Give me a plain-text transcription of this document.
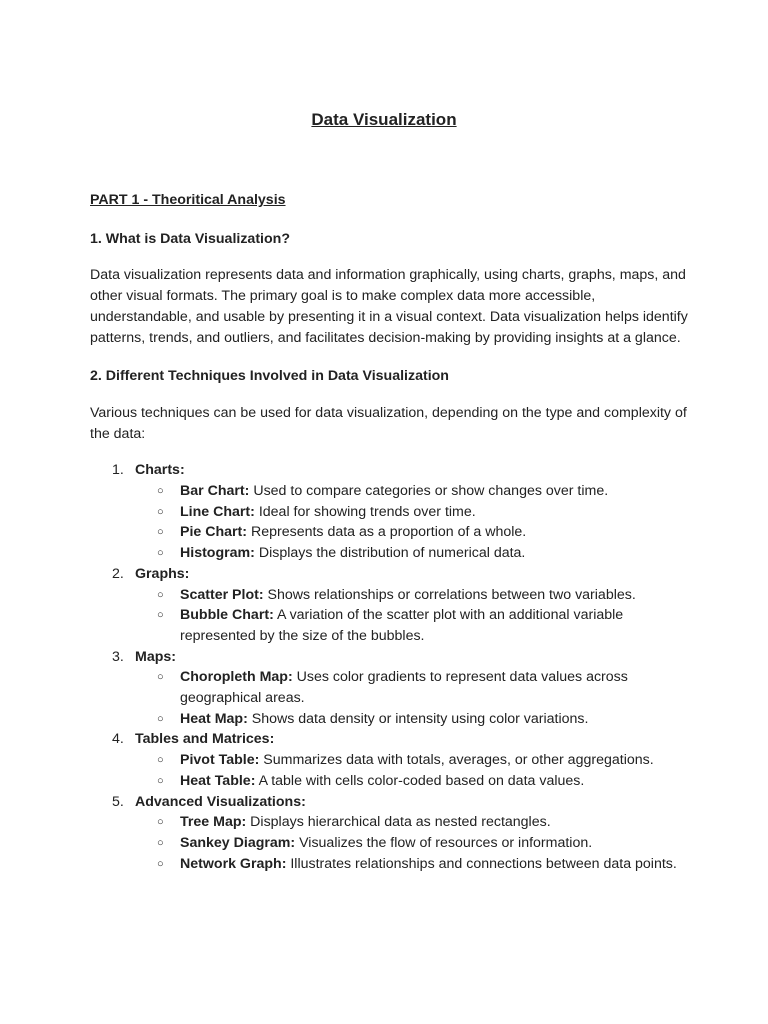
Data Visualization

PART 1 - Theoritical Analysis

1. What is Data Visualization?

Data visualization represents data and information graphically, using charts, graphs, maps, and other visual formats. The primary goal is to make complex data more accessible, understandable, and usable by presenting it in a visual context. Data visualization helps identify patterns, trends, and outliers, and facilitates decision-making by providing insights at a glance.

2. Different Techniques Involved in Data Visualization

Various techniques can be used for data visualization, depending on the type and complexity of the data:

1. Charts:
○ Bar Chart: Used to compare categories or show changes over time.
○ Line Chart: Ideal for showing trends over time.
○ Pie Chart: Represents data as a proportion of a whole.
○ Histogram: Displays the distribution of numerical data.
2. Graphs:
○ Scatter Plot: Shows relationships or correlations between two variables.
○ Bubble Chart: A variation of the scatter plot with an additional variable represented by the size of the bubbles.
3. Maps:
○ Choropleth Map: Uses color gradients to represent data values across geographical areas.
○ Heat Map: Shows data density or intensity using color variations.
4. Tables and Matrices:
○ Pivot Table: Summarizes data with totals, averages, or other aggregations.
○ Heat Table: A table with cells color-coded based on data values.
5. Advanced Visualizations:
○ Tree Map: Displays hierarchical data as nested rectangles.
○ Sankey Diagram: Visualizes the flow of resources or information.
○ Network Graph: Illustrates relationships and connections between data points.
